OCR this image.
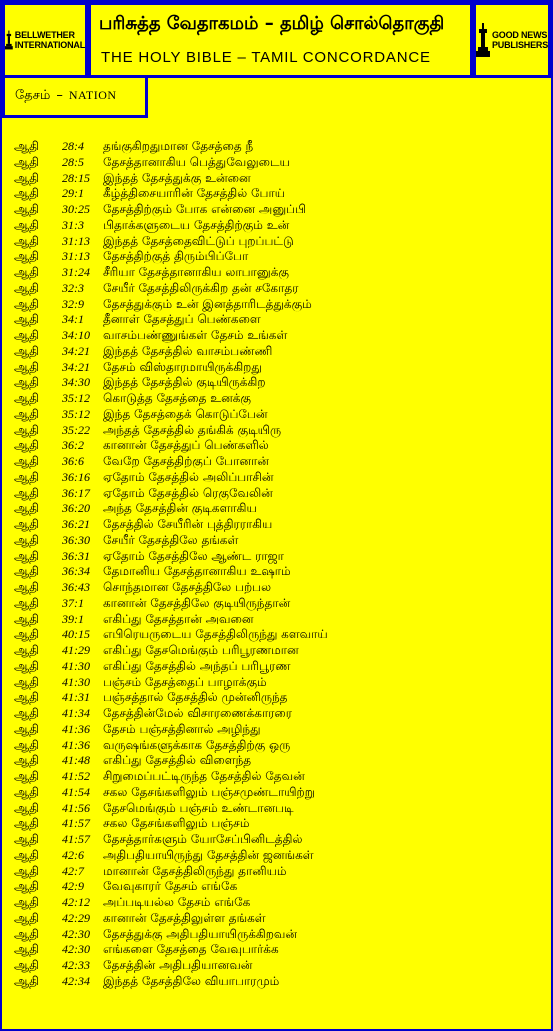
BELLWETHER
INTERNATIONAL
பரிசுத்த வேதாகமம் – தமிழ் சொல்தொகுதி
THE HOLY BIBLE – TAMIL CONCORDANCE
GOOD NEWS
PUBLISHERS
தேசம் – NATION
ஆதி 28:4 தங்குகிறதுமான தேசத்தை நீ
ஆதி 28:5 தேசத்தானாகிய பெத்துவேலுடைய
ஆதி 28:15 இந்தத் தேசத்துக்கு உன்னை
ஆதி 29:1 கீழ்த்திசையாரின் தேசத்தில் போய்
ஆதி 30:25 தேசத்திற்கும் போக என்னை அனுப்பி
ஆதி 31:3 பிதாக்களுடைய தேசத்திற்கும் உன்
ஆதி 31:13 இந்தத் தேசத்தைவிட்டுப் புறப்பட்டு
ஆதி 31:13 தேசத்திற்குத் திரும்பிப்போ
ஆதி 31:24 சீரியா தேசத்தானாகிய லாபானுக்கு
ஆதி 32:3 சேயீர் தேசத்திலிருக்கிற தன் சகோதர
ஆதி 32:9 தேசத்துக்கும் உன் இனத்தாரிடத்துக்கும்
ஆதி 34:1 தீனாள் தேசத்துப் பெண்களை
ஆதி 34:10 வாசம்பண்ணுங்கள் தேசம் உங்கள்
ஆதி 34:21 இந்தத் தேசத்தில் வாசம்பண்ணி
ஆதி 34:21 தேசம் விஸ்தாரமாயிருக்கிறது
ஆதி 34:30 இந்தத் தேசத்தில் குடியிருக்கிற
ஆதி 35:12 கொடுத்த தேசத்தை உனக்கு
ஆதி 35:12 இந்த தேசத்தைக் கொடுப்பேன்
ஆதி 35:22 அந்தத் தேசத்தில் தங்கிக் குடியிரு
ஆதி 36:2 கானான் தேசத்துப் பெண்களில்
ஆதி 36:6 வேறே தேசத்திற்குப் போனான்
ஆதி 36:16 ஏதோம் தேசத்தில் அலிப்பாசின்
ஆதி 36:17 ஏதோம் தேசத்தில் ரெகுவேலின்
ஆதி 36:20 அந்த தேசத்தின் குடிகளாகிய
ஆதி 36:21 தேசத்தில் சேயீரின் புத்திரராகிய
ஆதி 36:30 சேயீர் தேசத்திலே தங்கள்
ஆதி 36:31 ஏதோம் தேசத்திலே ஆண்ட ராஜா
ஆதி 36:34 தேமானிய தேசத்தானாகிய உஷாம்
ஆதி 36:43 சொந்தமான தேசத்திலே பற்பல
ஆதி 37:1 கானான் தேசத்திலே குடியிருந்தான்
ஆதி 39:1 எகிப்து தேசத்தான் அவனை
ஆதி 40:15 எபிரெயருடைய தேசத்திலிருந்து களவாய்
ஆதி 41:29 எகிப்து தேசமெங்கும் பரிபூரணமான
ஆதி 41:30 எகிப்து தேசத்தில் அந்தப் பரிபூரண
ஆதி 41:30 பஞ்சம் தேசத்தைப் பாழாக்கும்
ஆதி 41:31 பஞ்சத்தால் தேசத்தில் முன்னிருந்த
ஆதி 41:34 தேசத்தின்மேல் விசாரணைக்காரரை
ஆதி 41:36 தேசம் பஞ்சத்தினால் அழிந்து
ஆதி 41:36 வருஷங்களுக்காக தேசத்திற்கு ஒரு
ஆதி 41:48 எகிப்து தேசத்தில் விளைந்த
ஆதி 41:52 சிறுமைப்பட்டிருந்த தேசத்தில் தேவன்
ஆதி 41:54 சகல தேசங்களிலும் பஞ்சமுண்டாயிற்று
ஆதி 41:56 தேசமெங்கும் பஞ்சம் உண்டானபடி
ஆதி 41:57 சகல தேசங்களிலும் பஞ்சம்
ஆதி 41:57 தேசத்தார்களும் யோசேப்பினிடத்தில்
ஆதி 42:6 அதிபதியாயிருந்து தேசத்தின் ஜனங்கள்
ஆதி 42:7 மானான் தேசத்திலிருந்து தானியம்
ஆதி 42:9 வேவுகாரர் தேசம் எங்கே
ஆதி 42:12 அப்படியல்ல தேசம் எங்கே
ஆதி 42:29 கானான் தேசத்திலுள்ள தங்கள்
ஆதி 42:30 தேசத்துக்கு அதிபதியாயிருக்கிறவன்
ஆதி 42:30 எங்களை தேசத்தை வேவுபார்க்க
ஆதி 42:33 தேசத்தின் அதிபதியானவன்
ஆதி 42:34 இந்தத் தேசத்திலே வியாபாரமும்
